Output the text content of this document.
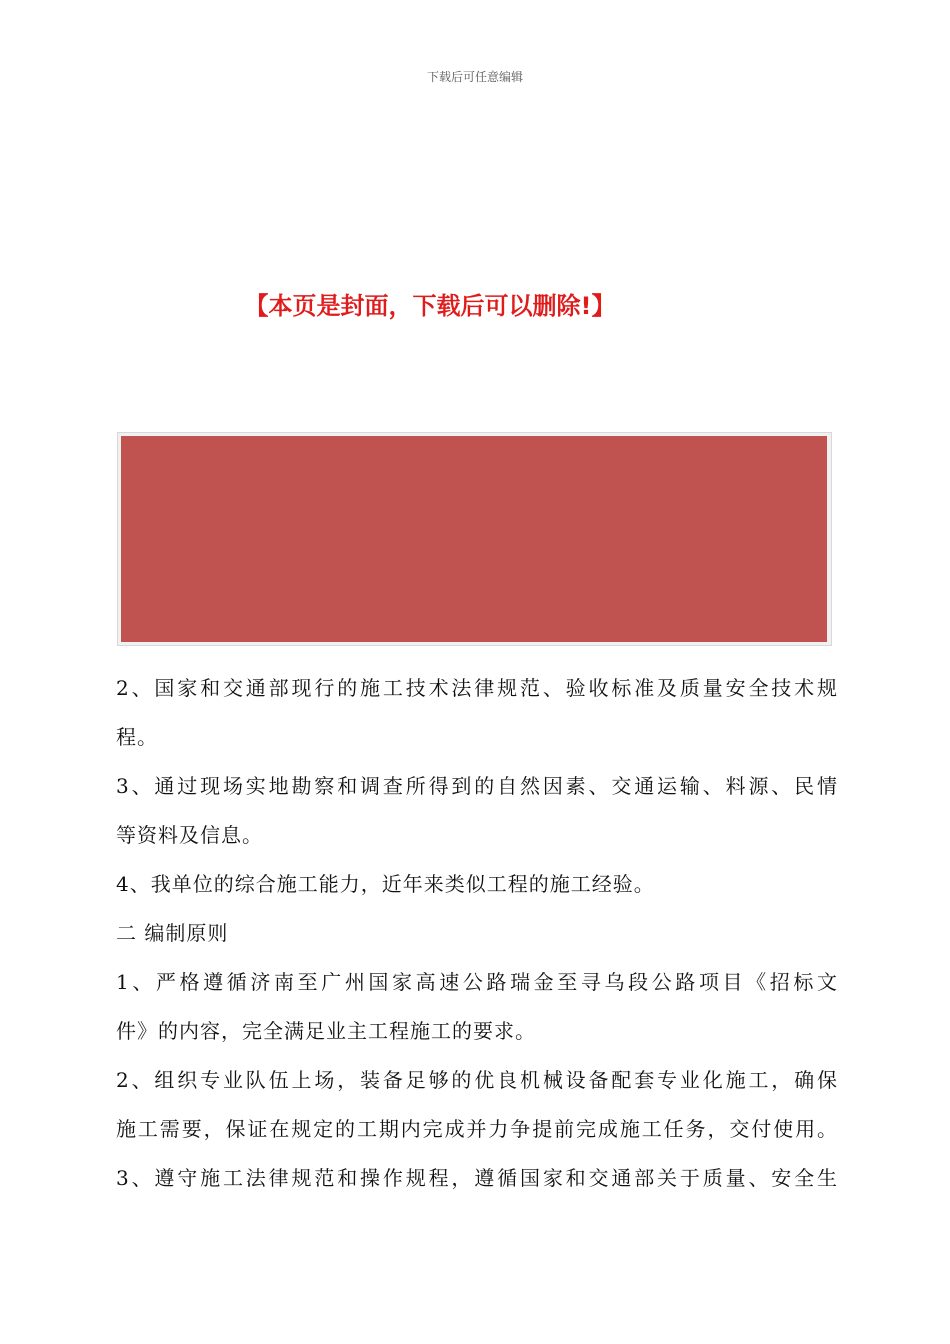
下载后可任意编辑
【本页是封面，下载后可以删除!】
2、国家和交通部现行的施工技术法律规范、验收标准及质量安全技术规
程。
3、通过现场实地勘察和调查所得到的自然因素、交通运输、料源、民情
等资料及信息。
4、我单位的综合施工能力，近年来类似工程的施工经验。
二 编制原则
1、严格遵循济南至广州国家高速公路瑞金至寻乌段公路项目《招标文
件》的内容，完全满足业主工程施工的要求。
2、组织专业队伍上场，装备足够的优良机械设备配套专业化施工，确保
施工需要，保证在规定的工期内完成并力争提前完成施工任务，交付使用。
3、遵守施工法律规范和操作规程，遵循国家和交通部关于质量、安全生
